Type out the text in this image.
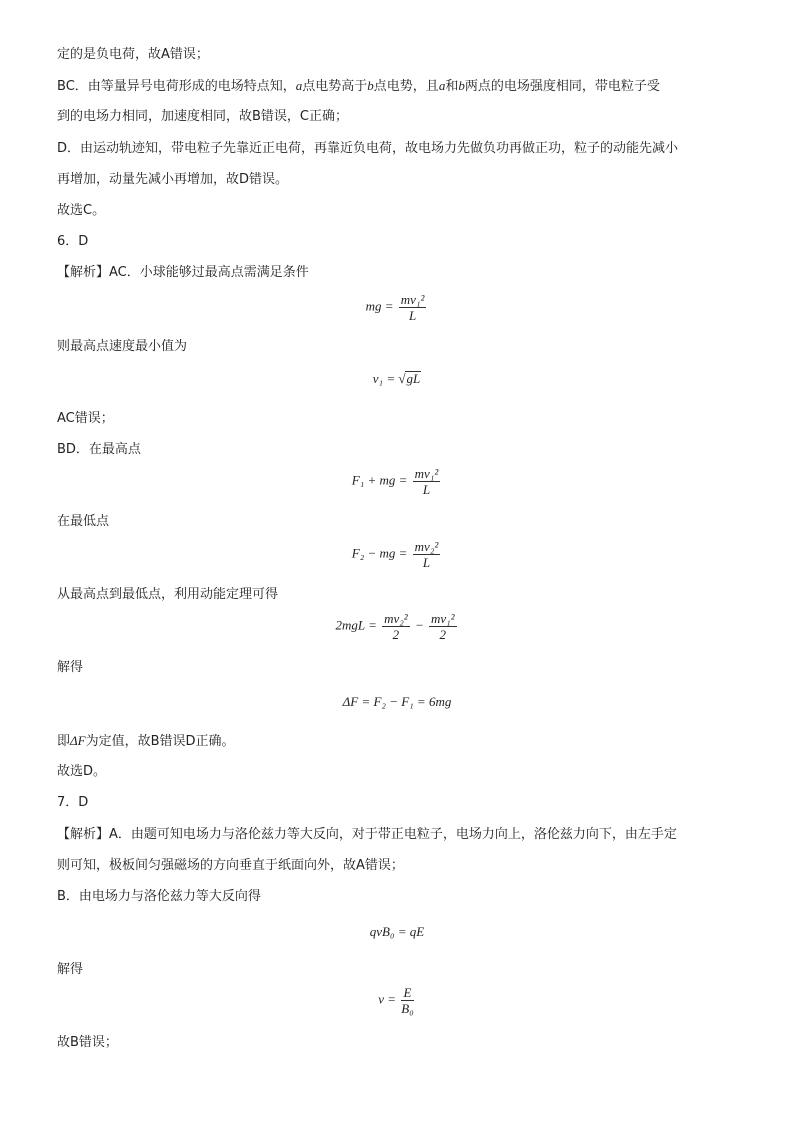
定的是负电荷，故A错误；
BC．由等量异号电荷形成的电场特点知，a点电势高于b点电势，且a和b两点的电场强度相同，带电粒子受
到的电场力相同，加速度相同，故B错误，C正确；
D．由运动轨迹知，带电粒子先靠近正电荷，再靠近负电荷，故电场力先做负功再做正功，粒子的动能先减小
再增加，动量先减小再增加，故D错误。
故选C。
6．D
【解析】AC．小球能够过最高点需满足条件
mg = $\frac{\text{mv₁²}}{L}$
则最高点速度最小值为
v₁ = √gL
AC错误；
BD．在最高点
F₁ + mg = $\frac{\text{mv₁²}}{L}$
在最低点
F₂ − mg = $\frac{\text{mv₂²}}{L}$
从最高点到最低点，利用动能定理可得
$2mgL = \frac{\text{mv₂²}}{2} - \frac{\text{mv₁²}}{2}$
解得
ΔF = F₂ − F₁ = 6mg
即ΔF为定值，故B错误D正确。
故选D。
7．D
【解析】A．由题可知电场力与洛伦兹力等大反向，对于带正电粒子，电场力向上，洛伦兹力向下，由左手定
则可知，极板间匀强磁场的方向垂直于纸面向外，故A错误；
B．由电场力与洛伦兹力等大反向得
qvB₀ = qE
解得
$v = \frac{E}{\text{B₀}}$
故B错误；
